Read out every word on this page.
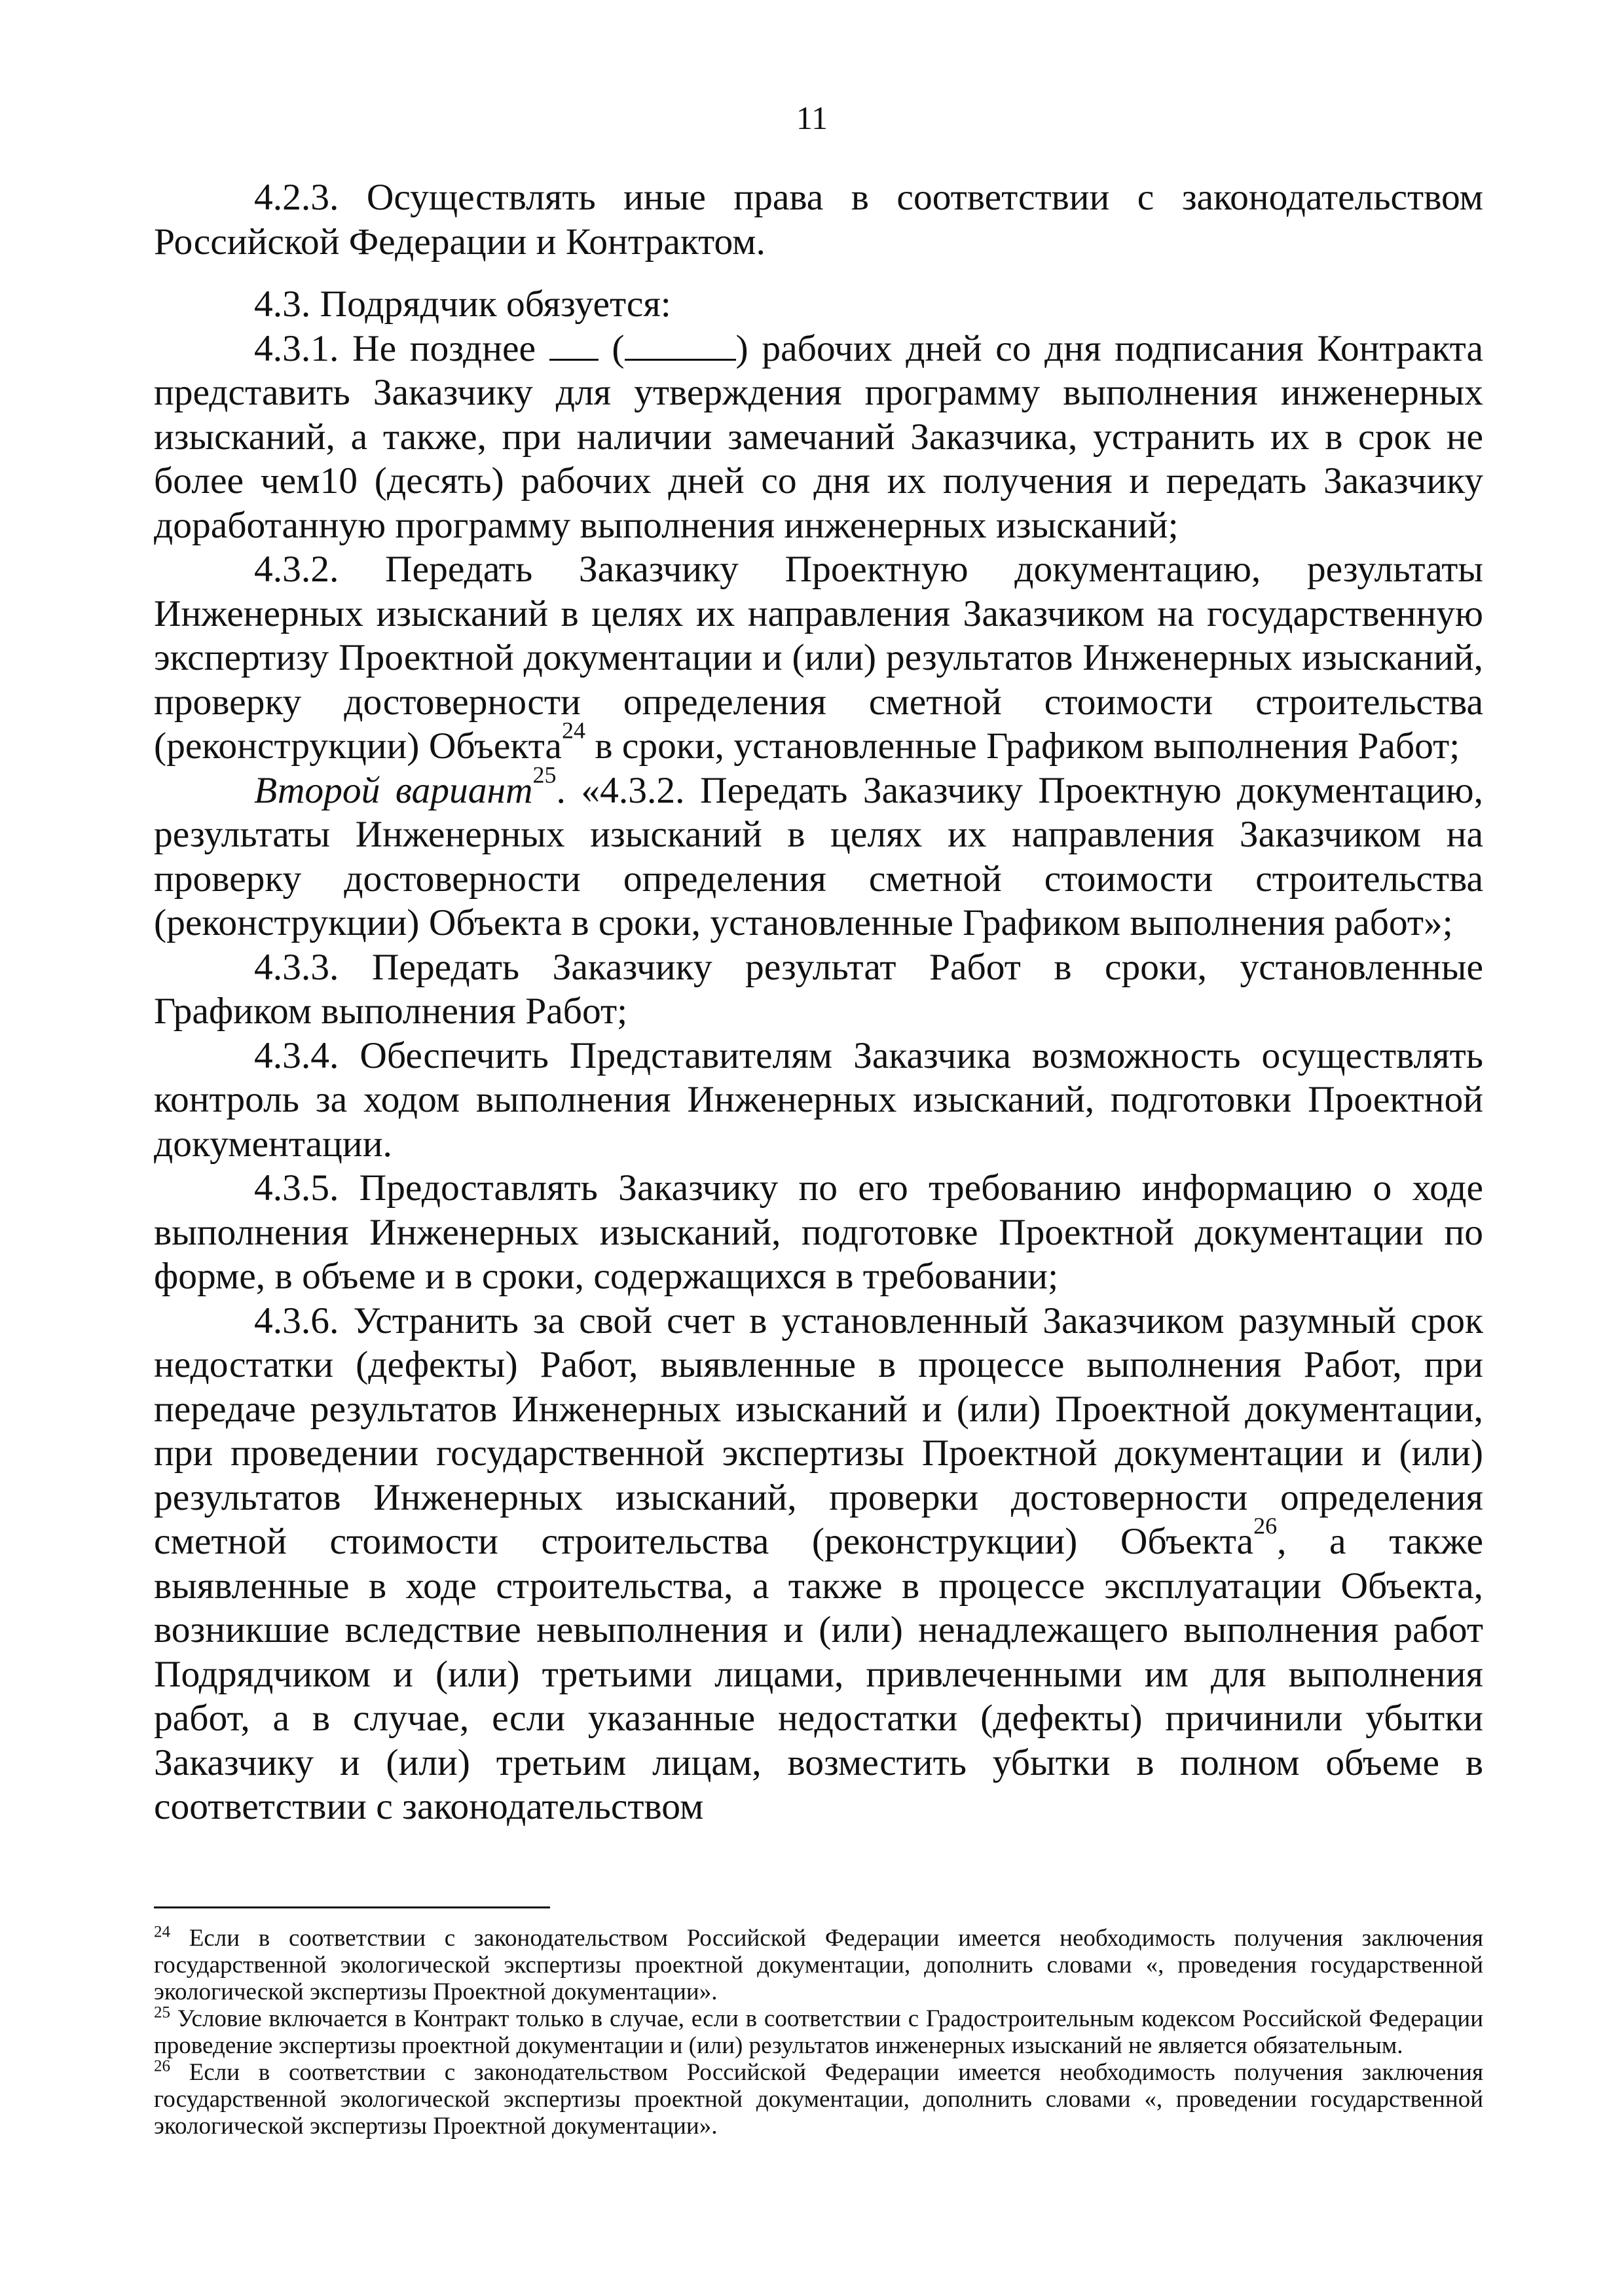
11

4.2.3. Осуществлять иные права в соответствии с законодательством Российской Федерации и Контрактом.

4.3. Подрядчик обязуется:

4.3.1. Не позднее  (	) рабочих дней со дня подписания Контракта представить Заказчику для утверждения программу выполнения инженерных изысканий, а также, при наличии замечаний Заказчика, устранить их в срок не более чем10 (десять) рабочих дней со дня их получения и передать Заказчику доработанную программу выполнения инженерных изысканий;

4.3.2. Передать Заказчику Проектную документацию, результаты Инженерных изысканий в целях их направления Заказчиком на государственную экспертизу Проектной документации и (или) результатов Инженерных изысканий, проверку достоверности определения сметной стоимости строительства (реконструкции) Объекта$^{24}$ в сроки, установленные Графиком выполнения Работ;

Второй вариант$^{25}$. «4.3.2. Передать Заказчику Проектную документацию, результаты Инженерных изысканий в целях их направления Заказчиком на проверку достоверности определения сметной стоимости строительства (реконструкции) Объекта в сроки, установленные Графиком выполнения работ»;

4.3.3. Передать Заказчику результат Работ в сроки, установленные Графиком выполнения Работ;

4.3.4. Обеспечить Представителям Заказчика возможность осуществлять контроль за ходом выполнения Инженерных изысканий, подготовки Проектной документации.

4.3.5. Предоставлять Заказчику по его требованию информацию о ходе выполнения Инженерных изысканий, подготовке Проектной документации по форме, в объеме и в сроки, содержащихся в требовании;

4.3.6. Устранить за свой счет в установленный Заказчиком разумный срок недостатки (дефекты) Работ, выявленные в процессе выполнения Работ, при передаче результатов Инженерных изысканий и (или) Проектной документации, при проведении государственной экспертизы Проектной документации и (или) результатов Инженерных изысканий, проверки достоверности определения сметной стоимости строительства (реконструкции) Объекта$^{26}$, а также выявленные в ходе строительства, а также в процессе эксплуатации Объекта, возникшие вследствие невыполнения и (или) ненадлежащего выполнения работ Подрядчиком и (или) третьими лицами, привлеченными им для выполнения работ, а в случае, если указанные недостатки (дефекты) причинили убытки Заказчику и (или) третьим лицам, возместить убытки в полном объеме в соответствии с законодательством

$^{24}$ Если в соответствии с законодательством Российской Федерации имеется необходимость получения заключения государственной экологической экспертизы проектной документации, дополнить словами «, проведения государственной экологической экспертизы Проектной документации».

$^{25}$ Условие включается в Контракт только в случае, если в соответствии с Градостроительным кодексом Российской Федерации проведение экспертизы проектной документации и (или) результатов инженерных изысканий не является обязательным.

$^{26}$ Если в соответствии с законодательством Российской Федерации имеется необходимость получения заключения государственной экологической экспертизы проектной документации, дополнить словами «, проведении государственной экологической экспертизы Проектной документации».
